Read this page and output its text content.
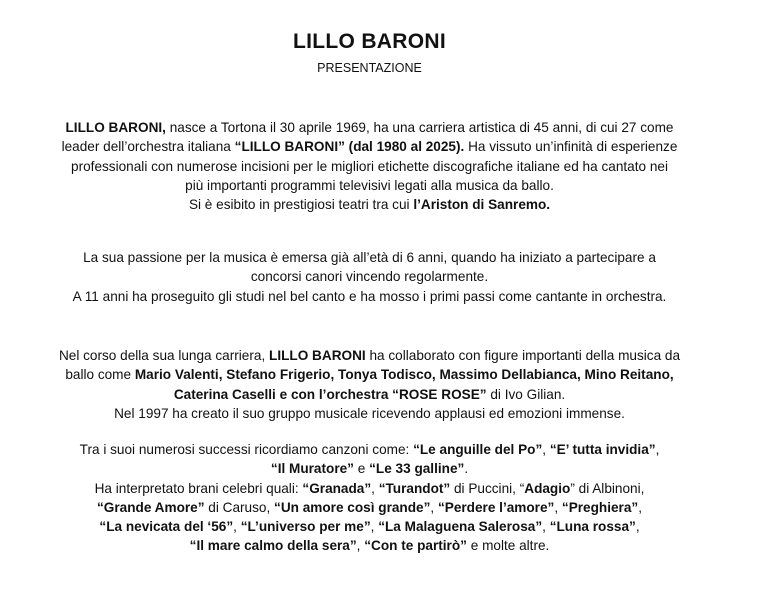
LILLO BARONI
PRESENTAZIONE
LILLO BARONI, nasce a Tortona il 30 aprile 1969, ha una carriera artistica di 45 anni, di cui 27 come
leader dell’orchestra italiana “LILLO BARONI” (dal 1980 al 2025). Ha vissuto un’infinità di esperienze
professionali con numerose incisioni per le migliori etichette discografiche italiane ed ha cantato nei
più importanti programmi televisivi legati alla musica da ballo.
Si è esibito in prestigiosi teatri tra cui l’Ariston di Sanremo.
La sua passione per la musica è emersa già all’età di 6 anni, quando ha iniziato a partecipare a
concorsi canori vincendo regolarmente.
A 11 anni ha proseguito gli studi nel bel canto e ha mosso i primi passi come cantante in orchestra.
Nel corso della sua lunga carriera, LILLO BARONI ha collaborato con figure importanti della musica da
ballo come Mario Valenti, Stefano Frigerio, Tonya Todisco, Massimo Dellabianca, Mino Reitano,
Caterina Caselli e con l’orchestra “ROSE ROSE” di Ivo Gilian.
Nel 1997 ha creato il suo gruppo musicale ricevendo applausi ed emozioni immense.
Tra i suoi numerosi successi ricordiamo canzoni come: “Le anguille del Po”, “E’ tutta invidia”,
“Il Muratore” e “Le 33 galline”.
Ha interpretato brani celebri quali: “Granada”, “Turandot” di Puccini, “Adagio” di Albinoni,
“Grande Amore” di Caruso, “Un amore così grande”, “Perdere l’amore”, “Preghiera”,
“La nevicata del ‘56”, “L’universo per me”, “La Malaguena Salerosa”, “Luna rossa”,
“Il mare calmo della sera”, “Con te partirò” e molte altre.
